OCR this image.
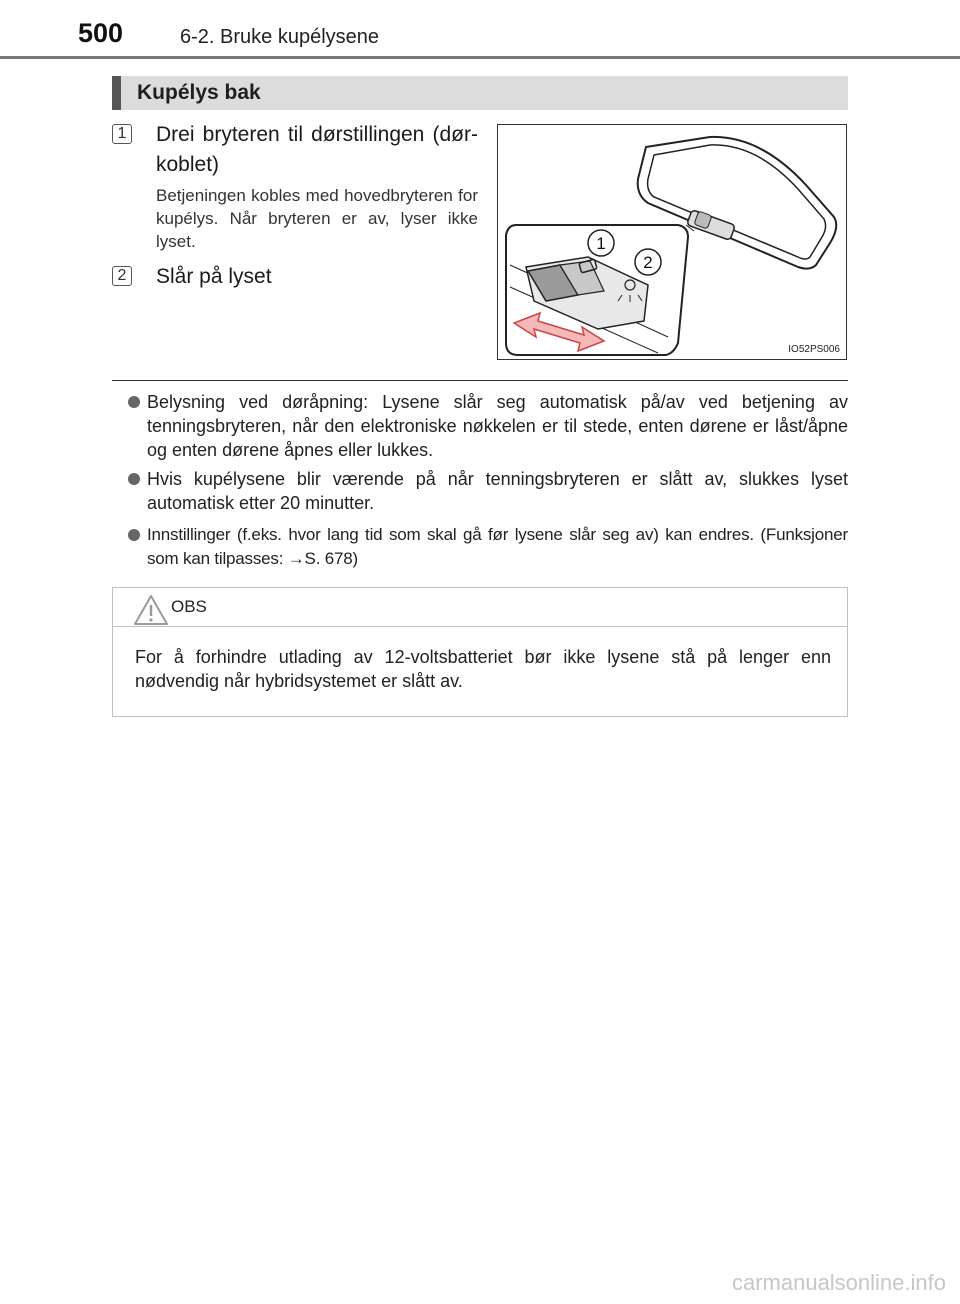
500	6-2. Bruke kupélysene
Kupélys bak
1 Drei bryteren til dørstillingen (dør-koblet)
Betjeningen kobles med hovedbryteren for kupélys. Når bryteren er av, lyser ikke lyset.
2 Slår på lyset
1
2
IO52PS006
Belysning ved døråpning: Lysene slår seg automatisk på/av ved betjening av tenningsbryteren, når den elektroniske nøkkelen er til stede, enten dørene er låst/åpne og enten dørene åpnes eller lukkes.
Hvis kupélysene blir værende på når tenningsbryteren er slått av, slukkes lyset automatisk etter 20 minutter.
Innstillinger (f.eks. hvor lang tid som skal gå før lysene slår seg av) kan endres. (Funksjoner som kan tilpasses: →S. 678)
OBS
For å forhindre utlading av 12-voltsbatteriet bør ikke lysene stå på lenger enn nødvendig når hybridsystemet er slått av.
carmanualsonline.info
